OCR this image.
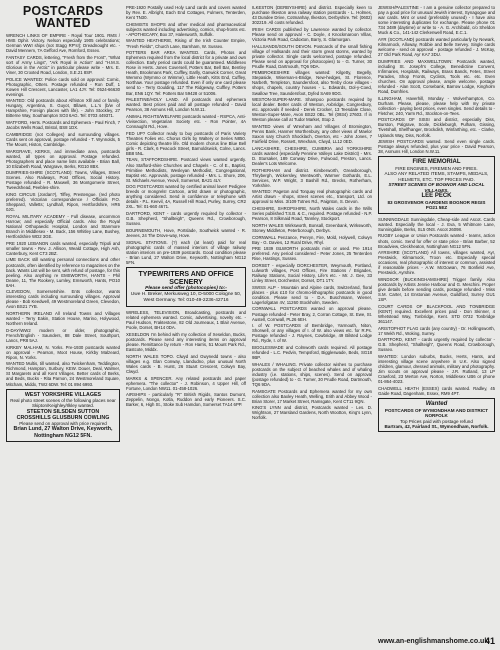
POSTCARDS WANTED

WRENCH LINKS OF EMPIRE - Royal Tour 1901. RMS / HMS Ophir. Victory. Nelson especially 1905 celebrations; German WWI ships (not Stagg RP's!); Dreadnought etc. - David Mennem, 7A Gefford Ave, Romford, Essex.

FANTASY CARDS, lettering, "Fresh from the Front", "What sort of Army Lings", "Ark Royal in Action" and "H.M.S. Glorious in the Arctic" in particular please write - Mrs. E. Viner, 30 Croxted Road, London, S.E.21 8SP.

POLICE WANTED: Police cards sold on approval: Comic, Photographic, Otters. Postage refunded - Ron Duff, 1 Kowen Hill Crescent, Lancaster, LA1 4JY. Tel: 0524-66630 evenings.

WANTED: Old postcards about Alfriston Xlll and or family. Hungary, Argentina, S. Guyot, Bllawn, L.L.'s (b/w of Hampshire, Foreign places with life). - John Stockley, 27 Bitterne Way, Southampton SO3 6AG. Tel: 0703 449371.

WATFORD, Herts. Postcards and Ephemera - Paul Finch, 7 Jacobs Wells Road, Bristol, BS8 1DX.

CAMBRIDGE (not Colleges) and surrounding villages. Cards sent on approval, postage refunded - T. Wynnolds, 5 The Mount, Histon, Cambridge.

WARGRAVE, KERKS, and immediate area, postcards wanted, all types on approval. Postage refunded. Photographers and place name lists available - Brian Ball, 10 Elizabeth Road, Wargrave, Berks, RG10 8BX.

DUMFRIES-SHIRE (SCOTLAND): Towns, Villages, Street Scenes. Also Railways, Post Offices, Social History. Postage refunded - R. Maxwell, 36 Montgomerie Street, Tweedshead, Peebles-shire.

KING CIRCUS (Jordan?), Tiffey, Prestengue. (red photo preferred). Victorian correspondence / Officials P.O. Sheppard, Valletts; Lyndhall, Ripon, Hertfordshire, HR6 0JG.

ROYAL MILITARY ACADEMY - Full disease, uncommon Harrow; and especially Official cards. Also the Royal National Orthopaedic Hospital, London and Stanmore Branch in Middlesex - M. Back, 156 Whitley Lane, Bushey, Hertfordshire WD2 3GE.

PRE 1920 LEBANON cards wanted, especially Tripoli and smaller towns - Rev. J. Allison, Weald Cottage, High Ash, Canterbury, Kent CT3 2BZ.

LIME BACK still wanting personal connections and other postcards, often identified by reference to magazines on the back. Wants List will be sent, with refund of postage, for this peeling. Also anything re EMSWORTH, HANTS - Phil Deane, 11, The Rookery, Lumley, Emsworth, Hants, PO10 8AH.

CLEVEDON, Somersetshire. Ents collector, wants interesting cards including surrounding villages. Approval please - Bob Keedwell, 49 Westmoreland Green, Clevedon, Avon BS21 7YB.

NORTHERN IRELAND All Ireland Towns and Villages wanted - Terry Eakin, Station House, Marino, Holywood, Northern Ireland.

D-DAY/WW2 modern or older, photographic, French/English - Saunders, 88 Dale Street, Southport, Lancs, PR8 5AJ.

KIRKBY MALHAM, N. Yorks. Pre-1930 postcards wanted on approval - Pearson, Moot House, Kirkby Malzeard, Ripon, N. Yorks.

WANTED Multis, till wanted, also Twickenham, Teddington, Richmond, Hampton, Surbury, KEW. Douer, Deal, Walmer, St Margarets and all Kent Villages. Better cards of Berks, and Beds, Bucks - Rita Parnon, 24 Westmoreland Square, Mitcham, Middx, TW2 6DW. Tel: 01 894 6993.

WEST YORKSHIRE VILLAGES
Real photo street scenes of the following places near Skipton/Keighley/Ilkley wanted.
STEETON SILSDEN SUTTON CROSSHILLS GLUSBURN COWLING
Please send on approval with price required
Brian Lund, 27 Walton Drive, Keyworth, Nottingham NG12 5FN.

PRE-1920 Postally used Holy Land cards and covers wanted by Rev. E. Albright, Each End Cottages, Fulmers, Tenterden, Kent TN30.

CHEMISTS SHOPS and other medical and pharmaceutical subjects wanted including advertising, comics, shop-fronts etc. - APOTHECARY, Box 37, Halesworth, Suffolk.

WANTED HEATHERIE, Rising of the Irish Counter Empire, "Fresh Fields", Church Lane, Barnham, W. Sussex.

POTTERS BAR AREA WANTED. Cards, Photos and Ephemera required from the local district for a private and own collection. Early period cards could be guaranteed. Middlesex Rose in Herts. Jones Coversell, Potters Bar, Bell Bar, Bentley Heath, Brookmans Park, Cuffley, Earlly, Ganwick Corner, Great Wemmo (Wymmo or Wimme), Little Heath, Kitts End, Cuffley, Northaw. Your postage refunded. Even if only one card please send to - Terry Goulding, 117 The Ridgeway, Cuffley, Potters Bar, EN6 1QY. Tel: Potters Bar 59428 or 51006.

PALESTINE/HOLY LAND. All postcards and ephemera wanted. Best prices paid and all postage refunded - David Pearson, 38 Asmuns Hill, London N.W.11.

ANIMAL RIGHTS/WELFARE postcards wanted - RSPCA, Anti-Vivisection, Vegetarian Society etc. - Ron Pointer, 4A Connaught Rd., Hove.

FED UP? Collector ready to buy postcards of Paris Variety Theatres Folies etc. Chorus Girls by Waltery or Series N850. Comic depicting theatre life. Old modern chorus line Blue Bell girls - R. Clark, 6 Peacock Street, Barnoldswick, Colne, Lancs. BB8 5NL.

TEAN, STAFFORDSHIRE. Postcard views wanted urgently. Also Stafford-shire Churches and Chapels - C. of E., Baptist, Primitive Methodists, Wesleyan Methodist, Congregational, Baptist etc. Approvals, postage refunded - Mrs. L. Shore, 206, St. Michaels Avenue, Yeovil, Somerset, BA21 4LY.

DOG POSTCARDS wanted by certified animal lover! Pedigree breeds or mongrels! Cartoon, artist drawn or photographic, anything considered. Send in confidence or telephone with details - P.L. Keevil, 4A, Russell Hill Road, Purley, Surrey, CR2 2XL. Tel: 01-660 4671.

DARTFORD, KENT - cards urgently required by collector - G.B. Shepherd, "Shallteigh", Queens Rd., Crowborough, Sussex.

BOURNEMOUTH, Hove, Portslade, Southwick wanted - R. Jeeves, 24 The Drove-way, Hove.

SIGNAL STATIONS. (?) each (at least) paid for real photographic cards of massed interiors of village railway station interiors on pre-1939 postcards. Good condition please - Brian Lund, 27 Walton Drive, Keyworth, Nottingham NG12 5FN.

TYPEWRITERS AND OFFICE SCENERY
Please send offer (photocopies) to:-
Uwe H. Breker, Merkusweg 10, D-5000 Cologne 50, West Germany. Tel: 010-49-2236-42716

WIRELESS, TELEVISION, Broadcasting, postcards and related ephemera wanted. Comic, advertising, novelty etc. - Paul Hudson, Fraktestone, 82 Old Journeaux, 1 Blair Avenue, Poole, Dorset, BH14 0DA.

XESELDON I'm behind with my collection of Xeseldon, Bucks, postcards. Please send any interesting items on approval please. Remittance by return - Ron Harris, 51 Mount Park Rd., Eastcote, Middx.

NORTH WALES TOPO. Clwyd and Gwynedd towns - also villages e.g. Glan Conway, Llandudno, plus unusual North Wales cards - B. Hurst, 26 Stuart Crescent, Colwyn Bay, Clwyd.

MARKS & SPENCER. Any related postcards and paper ephemera. "The collector" - J. Robinson, 4 Upper Hill, off Fortune, London NW11. 01-458-1026.

AIRSHIPS - particularly "R" British Rigids, Santos Dumont, Zeppelin, Nongo, Kotla, Ruddon and early Pioneers. S.C. Barker, 6, High St., Stoke Sub Hamdon, Somerset TA14 6PP.

ILKESTON (DERBYSHIRE) and district. Especially keen to purchase Ilkeston area railway station postcards - L. Holmes, 43 Dundee Drive, Cotmanhay, Ilkeston, Derbyshire. Tel: (0602) 302219. All costs refunded.

IRISH CARDS published by Lawrence wanted by collector. Please send on approval - C. Doyle, 4 Knockmaroon Villas, Victoria Park Road, Cadoxton, Barry, S. Glamorgan.

HALLSANDS/SOUTH DEVON. Postcards of the small fishing village of Hallsands and their storm great storms, wanted by private collector. Single cards welcomed, postage refunded. Please send on approval for photocopies) to - G. Turner, 30 Prudle Road, Dartmouth, TQ6 9DA.

PEMBROKESHIRE villages wanted: Kilgetty, Begelly, Stepaside, Wiseman-s-Bridge, New-hedges, St. Florence, Narbeth, Templeton, Saundersfoot, also Tenby close villages - shops, chapels, country houses - L. Edwards, Dol-y-Coed, Swallow Tree, Saundersfoot, Dyfed SA69 9DG.

WESTON-SUPER-MARE. Shampoo postcards required by local dealer. Better cards of Weston, Axbridge, Congresbury, etc. approvals if needed - Derek Crocker, 13 Teesdale Close, Weston-Super-Mare, Avon BS22 0BL. Tel (0934) 27603. If in Weston please call at Tudor Market, Stop 2.

WANTED views of Wrexham and Villages of Bromington, Penns Bank, Hanmer Worthenbury, any other views of Maelor Saxon sary Church Shocklach, Overton, etc - John Jones, 7 Fairfield Drive, Rossett, Wrexham, Clwyd, LL12 0ED.

LANCASHIRE, CHESHIRE, CUMBRIA and YORKSHIRE cards wanted (especially Pennine Valleys Lake District) - Mrs. D. Stursaker, 189 Conway Drive, Fulwood, Preston, Lancs. Dealer's Lots Welcome.

ROTHERHAM and district. Kimberworth, Greasborough, Thrybergh, Wickersley, Wentworth, Warmer Gothards, E.L. Services, W.P. Wright, 3 Bashill Rd., Brecks, Rotherham, Yorkshire.

WANTED: Pageton and Torquay real photographic cards and Artist drawn - shops, street scenes etc., transport, Ltd. on approval to Miss. 3/109 Totnes Rd., Paignton, S. Devon.

CHESHIRE, SHROPSHIRE, North Wales cards in the Wills Series published T.S.B. & C., required. Postage refunded - N.P. Pearson, 8 Silkmaid Road, Tannley, Stockport.

NORTH WALES Wirksworth, Bonsall, Greenbank, Wirksworth, Stoney Middleton, Peterborough, Derbys.

CORNWALL Penzance, Penryn, Fire, Mold, Holywell, Colwyn Bay - G. Davies, 12 Rural Drive, Rhyl.

PRE 1939 ISLWORTH postcards mint or used. Pre 1914 preferred. Any period considered - Peter Jones, 25 Tenterden Rise, Hastings, Sussex.

DORSET - especially DORCHESTER, Weymouth, Portland, Lulworth villages, Post Offices, Fire Stations / Brigades, Railway Stations, Social History, Life's etc. - Mr. J. Gee, 33 Linley Street, Dorchester, Dorset, DT1 1TY.

SWISS ALP - Mountain and Alpine cards, Switzerland, floral places - plus £10 for chromo-lithographic postcards in good condition. Please send to - D.A. Buschmann, Wiener, Lagerlofgatan 4V, 11260 Stockholm, Sweden.

CORNWALL POSTCARDS wanted on approval please. Postage refunded - Peter Bray, 2, Corran Cottage, St. Ewe, St. Austell, Cornwall, PL26 6EH.

I. of W. POSTCARDS of Bembridge, Yarmouth, Niton, Shorwell, or any villages of I. of W. also views etc. for R.Ps. Postage refunded - J. Raynes, Cowbridge, 49 Bilsted Lodge Rd., Ryde, I. of W.

BIGGLESWADE and Colmworth cards required. All postage refunded - L.C. Pedvin, Tempsford, Biggleswade, Beds, SG18 9BP.

WHALES / WHALING. Private collector wishes to purchase postcards on the subject of beached whales and of whaling industry (i.e. stations, ships, scenes). Send on approval (postage refunded) to - G. Turner, 30 Prudle Road, Dartmouth, TQ6 9DA.

RAMSGATE Postcards and Ephemera wanted for my own collection also Baxley Heath, Welling, Erith and Abbey Wood - Brian Storer, 17 Market Street, Ramsgate, Kent CT11 9QN.

KING'S LYNN and district, Postcards wanted - Les. D. Wrightson, 27 Marsland Gardens, North Wootton, King's Lynn, Norfolk.

JEWISH/PALESTINE - I am a genuine collector prepared to pay a good price for unusual Jewish interest, Synagogue and war cards. Mint or used (preferably unused) - I have also some interesting duplicates for exchange. Please phone 01 734 3489 (daytime) or write to - A. G. Archibald, c/o Sheldon Muck & Co., 141-142 Clerkenwell Road, E.C.1.

AYR (SCOTLAND) postcards wanted particularly by Newark, Kilmarnock, Alloway, Robbie and Belle Servey. Single cards welcome - send on approval - postage refunded - J. McKay, 27 Old Park Road, Ayr KA7 3DU.

DUMFRIES AND MAXWELLTOWN: Postcards wanted, including St. Joseph's College, Benedictine Convent, Infirmaries, Hospitals, Railways, Brass Bands, Fetes, Street Parades, Shop Fronts, Cyclists, Tools etc. etc. Even churches. On approval please, ample welcome, postage refunded - Alan Scott, Corsebank, Barrow Lodge, Kingholm Road, Dumfries.

ILLINGHAM, Haverhill, Monday - Wolverhampton, Co. Durham. Please, please, please help with my private collection - paying best prices, even singles. Send details to - Fletcher, 240, Yarm Rd., Stockton-on-Tees.

POSTCARDS OF SISSI and district, especially Diss, Burston, Palgrave, Scole, Dickleburgh, Pulham, Gissing, Tivetshall, Shelfhanger, Brockdish, Winfarthing, etc. - Clarke, Uplands Way, Diss, Norfolk.

JEWISH POSTCARDS wanted. Send even single cards. Postage always refunded, plus your price - David Pearson, 38, Asmuns Hill, London N.W.11.

FIRE MEMORIAL
FIRE ENGINES, FIREMEN AND FIRES.
ALSO ANY RELATED ITEMS, STAMPS, MEDALS, HELMETS, ETC. TOP PRICES PAID.
STREET SCENES OF BOGNOR AND LOCAL VILLAGES.
LEE PECK
83 GROSVENOR GARDENS BOGNOR REGIS PO21 5EZ

SUNNINGDALE Sunningdale, Cheap-side and Ascot. Cards wanted. Especially the local - J. Eva, 5 Whitmore Lane, Sunningdale, Berks, SL5 0NS. Ascot 26098.

RUGBY League or Union Postcards wanted - teams, action shots, comic. Send for offer or state price - Brian Barber, 52 Broadview, Cleckheaton, Nottingham NG12 5FN.

AYRSHIRE (SCOTLAND) All towns, villages wanted, Ayr, Prestwick, Kilmarnock, Troon etc. Especially special occasions, real photographic of interest or common, assisted if reasonable prices - A.W. McGowan, 76 Bonfield Ave, Prestwick, Ayrshire.

WINDSOR (BUCKINGHAMSHIRE) Trigger family. Also postcards by Artists Jennie Harbour and G. Meschini. Proper give details before sending cards, postage refunded - Miss S.M. Carter, 14 Enstonian Avenue, Guildford, Surrey GU1 1SP.

COURT CARDS OF BLACKPOOL AND TONBRIDGE (KENT) required. Excellent prices paid - Don Skinner, 4 Whetstead Way, Tonbridge, Kent. STD 0732 Tonbridge 361147.

ARISTOPHOT FLAG cards (any country) - Dr. Hollingsworth, 17 Wekh Rd., Woking, Surrey.

DARTFORD, KENT - cards urgently required by collector - G.B. Shepherd, "Shallteigh", Queens Road, Crowborough, Sussex.

WANTED: London suburbs, Bucks, Herts, Hants, and interesting village scene anywhere in U.K. Also signed children, glamour, dressed animals, military and photography. Jim scouts on approval please - J.R. Rutland, 13 LP Crawford, 23 Merton Ave, Norton, Middlesex UB6 or phone 01-864-4023.

CHADWELL HEATH (ESSEX) cards wanted. Radley, 45 Gaide Road, Dagenham, Essex, RM9 4PT.

Wanted
POSTCARDS OF WYMONDHAM AND DISTRICT NORFOLK
Top Prices paid with postage refund
Bartram, 42, Fairland St., Wymondham, Norfolk.
www.an-englishmanshome.co.uk
41
